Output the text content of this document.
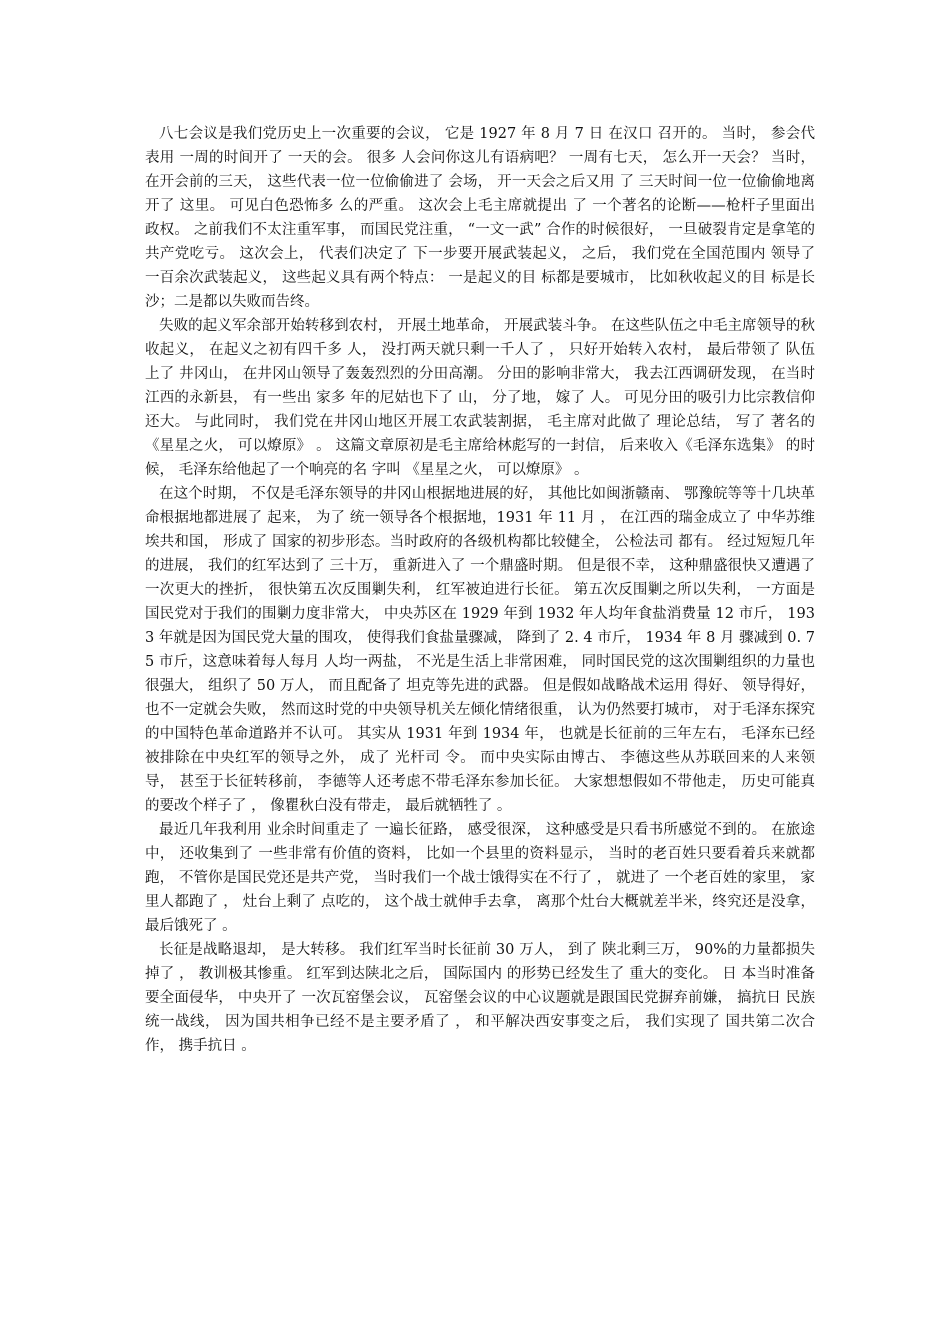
八七会议是我们党历史上一次重要的会议， 它是 1927 年 8 月 7 日 在汉口 召开的。 当时， 参会代表用 一周的时间开了 一天的会。 很多 人会问你这儿有语病吧？ 一周有七天， 怎么开一天会？ 当时， 在开会前的三天， 这些代表一位一位偷偷进了 会场， 开一天会之后又用 了 三天时间一位一位偷偷地离开了 这里。 可见白色恐怖多 么的严重。 这次会上毛主席就提出 了 一个著名的论断——枪杆子里面出 政权。 之前我们不太注重军事， 而国民党注重， “一文一武” 合作的时候很好， 一旦破裂肯定是拿笔的共产党吃亏。 这次会上， 代表们决定了 下一步要开展武装起义， 之后， 我们党在全国范围内 领导了 一百余次武装起义， 这些起义具有两个特点： 一是起义的目 标都是要城市， 比如秋收起义的目 标是长沙；二是都以失败而告终。

失败的起义军余部开始转移到农村， 开展土地革命， 开展武装斗争。 在这些队伍之中毛主席领导的秋收起义， 在起义之初有四千多 人， 没打两天就只剩一千人了 ， 只好开始转入农村， 最后带领了 队伍上了 井冈山， 在井冈山领导了轰轰烈烈的分田高潮。 分田的影响非常大， 我去江西调研发现， 在当时江西的永新县， 有一些出 家多 年的尼姑也下了 山， 分了地， 嫁了 人。 可见分田的吸引力比宗教信仰还大。 与此同时， 我们党在井冈山地区开展工农武装割据， 毛主席对此做了 理论总结， 写了 著名的《星星之火， 可以燎原》 。 这篇文章原初是毛主席给林彪写的一封信， 后来收入《毛泽东选集》 的时候， 毛泽东给他起了一个响亮的名 字叫 《星星之火， 可以燎原》 。

在这个时期， 不仅是毛泽东领导的井冈山根据地进展的好， 其他比如闽浙赣南、 鄂豫皖等等十几块革命根据地都进展了 起来， 为了 统一领导各个根据地，1931 年 11 月 ， 在江西的瑞金成立了 中华苏维埃共和国， 形成了 国家的初步形态。当时政府的各级机构都比较健全， 公检法司 都有。 经过短短几年的进展， 我们的红军达到了 三十万， 重新进入了 一个鼎盛时期。 但是很不幸， 这种鼎盛很快又遭遇了 一次更大的挫折， 很快第五次反围剿失利， 红军被迫进行长征。 第五次反围剿之所以失利， 一方面是国民党对于我们的围剿力度非常大， 中央苏区在 1929 年到 1932 年人均年食盐消费量 12 市斤， 1933 年就是因为国民党大量的围攻， 使得我们食盐量骤减， 降到了 2. 4 市斤， 1934 年 8 月 骤减到 0. 75 市斤，这意味着每人每月 人均一两盐， 不光是生活上非常困难， 同时国民党的这次围剿组织的力量也很强大， 组织了 50 万人， 而且配备了 坦克等先进的武器。 但是假如战略战术运用 得好、 领导得好， 也不一定就会失败， 然而这时党的中央领导机关左倾化情绪很重， 认为仍然要打城市， 对于毛泽东探究的中国特色革命道路并不认可。 其实从 1931 年到 1934 年， 也就是长征前的三年左右， 毛泽东已经被排除在中央红军的领导之外， 成了 光杆司 令。 而中央实际由博古、 李德这些从苏联回来的人来领导， 甚至于长征转移前， 李德等人还考虑不带毛泽东参加长征。 大家想想假如不带他走， 历史可能真的要改个样子了 ， 像瞿秋白没有带走， 最后就牺牲了 。

最近几年我利用 业余时间重走了 一遍长征路， 感受很深， 这种感受是只看书所感觉不到的。 在旅途中， 还收集到了 一些非常有价值的资料， 比如一个县里的资料显示， 当时的老百姓只要看着兵来就都跑， 不管你是国民党还是共产党， 当时我们一个战士饿得实在不行了 ， 就进了 一个老百姓的家里， 家里人都跑了 ， 灶台上剩了 点吃的， 这个战士就伸手去拿， 离那个灶台大概就差半米，终究还是没拿， 最后饿死了 。

长征是战略退却， 是大转移。 我们红军当时长征前 30 万人， 到了 陕北剩三万， 90%的力量都损失掉了 ， 教训极其惨重。 红军到达陕北之后， 国际国内 的形势已经发生了 重大的变化。 日 本当时准备要全面侵华， 中央开了 一次瓦窑堡会议， 瓦窑堡会议的中心议题就是跟国民党摒弃前嫌， 搞抗日 民族统一战线， 因为国共相争已经不是主要矛盾了 ， 和平解决西安事变之后， 我们实现了 国共第二次合作， 携手抗日 。
